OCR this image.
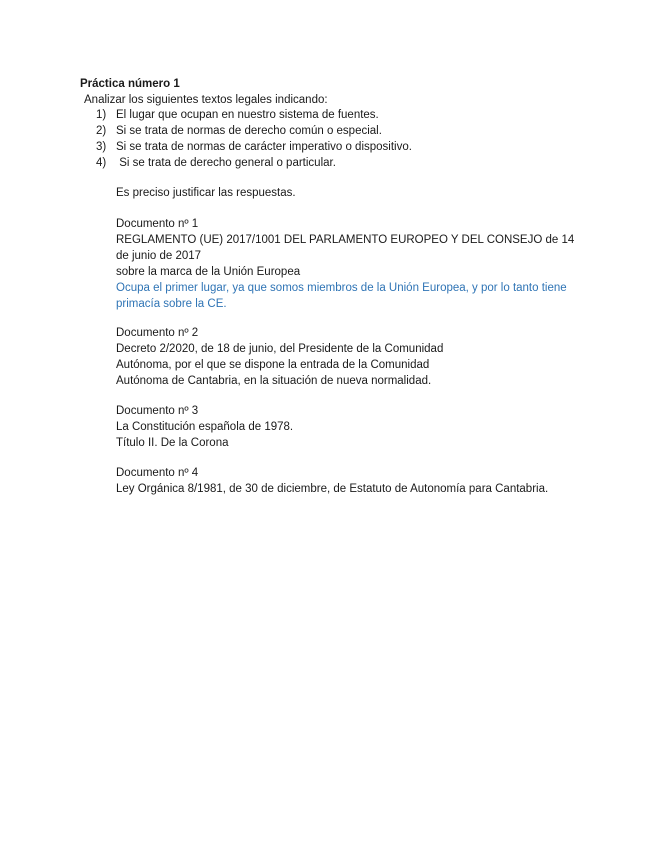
Práctica número 1

Analizar los siguientes textos legales indicando:

1) El lugar que ocupan en nuestro sistema de fuentes.
2) Si se trata de normas de derecho común o especial.
3) Si se trata de normas de carácter imperativo o dispositivo.
4) Si se trata de derecho general o particular.

Es preciso justificar las respuestas.

Documento nº 1

REGLAMENTO (UE) 2017/1001 DEL PARLAMENTO EUROPEO Y DEL CONSEJO de 14 de junio de 2017

sobre la marca de la Unión Europea

Ocupa el primer lugar, ya que somos miembros de la Unión Europea, y por lo tanto tiene primacía sobre la CE.

Documento nº 2

Decreto 2/2020, de 18 de junio, del Presidente de la Comunidad

Autónoma, por el que se dispone la entrada de la Comunidad

Autónoma de Cantabria, en la situación de nueva normalidad.

Documento nº 3

La Constitución española de 1978.

Título II. De la Corona

Documento nº 4

Ley Orgánica 8/1981, de 30 de diciembre, de Estatuto de Autonomía para Cantabria.
